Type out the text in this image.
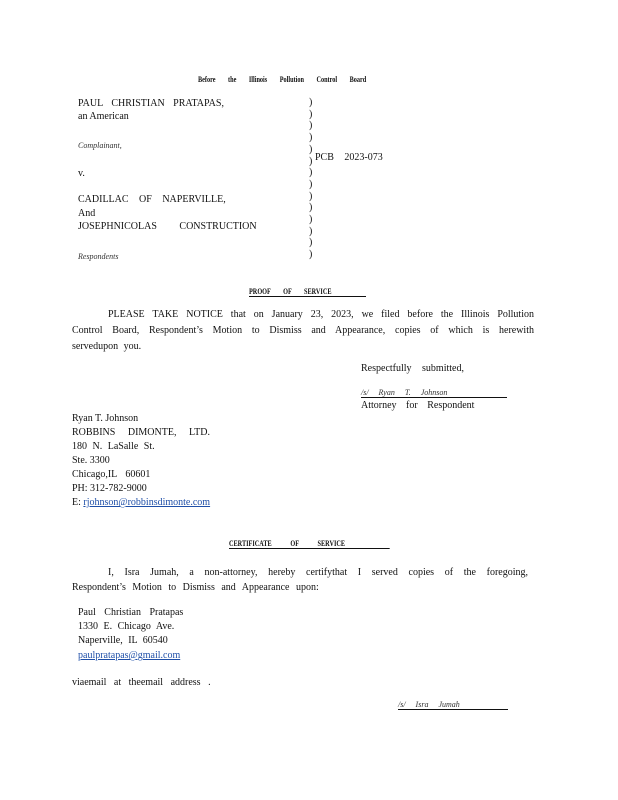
Before the Illinois Pollution Control Board
PAUL CHRISTIAN PRATAPAS,
an American
Complainant,
v.
CADILLAC OF NAPERVILLE,
And
JOSEPHNICOLAS CONSTRUCTION
Respondents
)
)
)
)
)
)
)
)
)
)
)
)
)
)
PCB 2023-073
PROOF OF SERVICE
PLEASE TAKE NOTICE that on January 23, 2023, we filed before the Illinois Pollution Control Board, Respondent’s Motion to Dismiss and Appearance, copies of which is herewith servedupon you.
Respectfully submitted,
/s/ Ryan T. Johnson
Attorney for Respondent
Ryan T. Johnson
ROBBINS DIMONTE, LTD.
180 N. LaSalle St.
Ste. 3300
Chicago,IL 60601
PH: 312-782-9000
E: rjohnson@robbinsdimonte.com
CERTIFICATE OF SERVICE
I, Isra Jumah, a non-attorney, hereby certifythat I served copies of the foregoing, Respondent’s Motion to Dismiss and Appearance upon:
Paul Christian Pratapas
1330 E. Chicago Ave.
Naperville, IL 60540
paulpratapas@gmail.com
viaemail at theemail address .
/s/ Isra Jumah
